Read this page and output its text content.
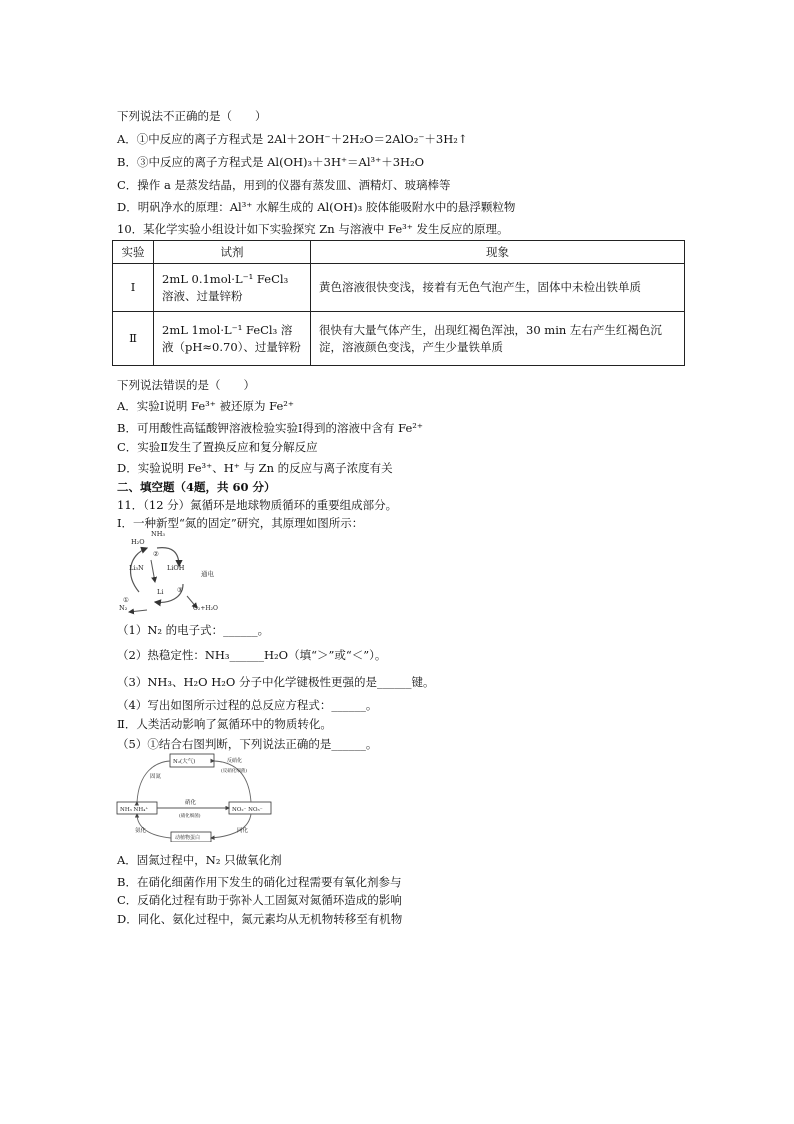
下列说法不正确的是（　　）
A．①中反应的离子方程式是 2Al＋2OH⁻＋2H₂O＝2AlO₂⁻＋3H₂↑
B．③中反应的离子方程式是 Al(OH)₃＋3H⁺＝Al³⁺＋3H₂O
C．操作 a 是蒸发结晶，用到的仪器有蒸发皿、酒精灯、玻璃棒等
D．明矾净水的原理：Al³⁺ 水解生成的 Al(OH)₃ 胶体能吸附水中的悬浮颗粒物
10．某化学实验小组设计如下实验探究 Zn 与溶液中 Fe³⁺ 发生反应的原理。
实验	试剂	现象
Ⅰ	2mL 0.1mol·L⁻¹ FeCl₃ 溶液、过量锌粉	黄色溶液很快变浅，接着有无色气泡产生，固体中未检出铁单质
Ⅱ	2mL 1mol·L⁻¹ FeCl₃ 溶液（pH≈0.70）、过量锌粉	很快有大量气体产生，出现红褐色浑浊，30 min 左右产生红褐色沉淀，溶液颜色变浅，产生少量铁单质
下列说法错误的是（　　）
A．实验Ⅰ说明 Fe³⁺ 被还原为 Fe²⁺
B．可用酸性高锰酸钾溶液检验实验Ⅰ得到的溶液中含有 Fe²⁺
C．实验Ⅱ发生了置换反应和复分解反应
D．实验说明 Fe³⁺、H⁺ 与 Zn 的反应与离子浓度有关
二、填空题（4题，共 60 分）
11．（12 分）氮循环是地球物质循环的重要组成部分。
Ⅰ．一种新型“氮的固定”研究，其原理如图所示：
NH₃
H₂O
Li₃N	LiOH
Li
N₂	O₂+H₂O
通电
①
②
③
（1）N₂ 的电子式：______。
（2）热稳定性：NH₃______H₂O（填“＞”或“＜”）。
（3）NH₃、H₂O H₂O 分子中化学键极性更强的是______键。
（4）写出如图所示过程的总反应方程式：______。
Ⅱ．人类活动影响了氮循环中的物质转化。
（5）①结合右图判断，下列说法正确的是______。
N₂(大气)
固氮
反硝化
(反硝化细菌)
NH₃ NH₄⁺	NO₂⁻ NO₃⁻
硝化
(硝化细菌)
动植物蛋白
氨化	同化
A．固氮过程中，N₂ 只做氧化剂
B．在硝化细菌作用下发生的硝化过程需要有氧化剂参与
C．反硝化过程有助于弥补人工固氮对氮循环造成的影响
D．同化、氨化过程中，氮元素均从无机物转移至有机物
